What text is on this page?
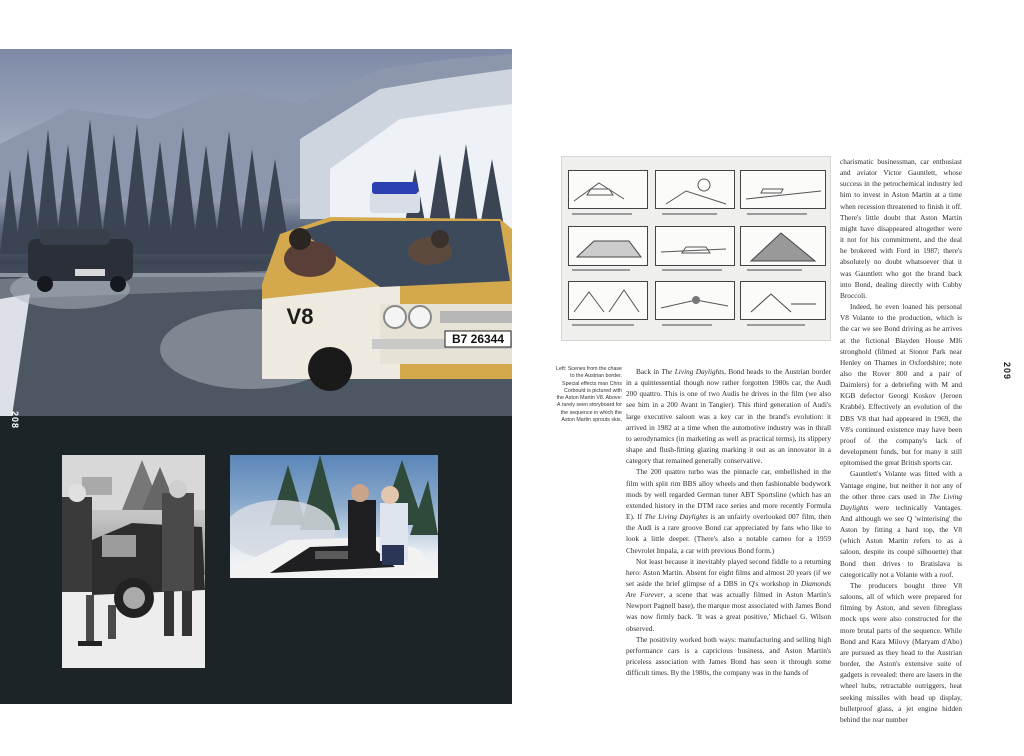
B7 26344
V8
208
Left: Scenes from the chase to the Austrian border. Special effects man Chris Corbould is pictured with the Aston Martin V8. Above: A rarely seen storyboard for the sequence in which the Aston Martin sprouts skis.

Back in The Living Daylights, Bond heads to the Austrian border in a quintessential though now rather forgotten 1980s car, the Audi 200 quattro. This is one of two Audis he drives in the film (we also see him in a 200 Avant in Tangier). This third generation of Audi's large executive saloon was a key car in the brand's evolution: it arrived in 1982 at a time when the automotive industry was in thrall to aerodynamics (in marketing as well as practical terms), its slippery shape and flush-fitting glazing marking it out as an innovator in a category that remained generally conservative.

The 200 quattro turbo was the pinnacle car, embellished in the film with split rim BBS alloy wheels and then fashionable bodywork mods by well regarded German tuner ABT Sportsline (which has an extended history in the DTM race series and more recently Formula E). If The Living Daylights is an unfairly overlooked 007 film, then the Audi is a rare groove Bond car appreciated by fans who like to look a little deeper. (There's also a notable cameo for a 1959 Chevrolet Impala, a car with previous Bond form.)

Not least because it inevitably played second fiddle to a returning hero: Aston Martin. Absent for eight films and almost 20 years (if we set aside the brief glimpse of a DBS in Q's workshop in Diamonds Are Forever, a scene that was actually filmed in Aston Martin's Newport Pagnell base), the marque most associated with James Bond was now firmly back. 'It was a great positive,' Michael G. Wilson observed.

The positivity worked both ways: manufacturing and selling high performance cars is a capricious business, and Aston Martin's priceless association with James Bond has seen it through some difficult times. By the 1980s, the company was in the hands of

charismatic businessman, car enthusiast and aviator Victor Gauntlett, whose success in the petrochemical industry led him to invest in Aston Martin at a time when recession threatened to finish it off. There's little doubt that Aston Martin might have disappeared altogether were it not for his commitment, and the deal he brokered with Ford in 1987; there's absolutely no doubt whatsoever that it was Gauntlett who got the brand back into Bond, dealing directly with Cubby Broccoli.

Indeed, he even loaned his personal V8 Volante to the production, which is the car we see Bond driving as he arrives at the fictional Blayden House MI6 stronghold (filmed at Stonor Park near Henley on Thames in Oxfordshire; note also the Rover 800 and a pair of Daimlers) for a debriefing with M and KGB defector Georgi Koskov (Jeroen Krabbé). Effectively an evolution of the DBS V8 that had appeared in 1969, the V8's continued existence may have been proof of the company's lack of development funds, but for many it still epitomised the great British sports car.

Gauntlett's Volante was fitted with a Vantage engine, but neither it nor any of the other three cars used in The Living Daylights were technically Vantages. And although we see Q 'winterising' the Aston by fitting a hard top, the V8 (which Aston Martin refers to as a saloon, despite its coupé silhouette) that Bond then drives to Bratislava is categorically not a Volante with a roof.

The producers bought three V8 saloons, all of which were prepared for filming by Aston, and seven fibreglass mock ups were also constructed for the more brutal parts of the sequence. While Bond and Kara Milovy (Maryam d'Abo) are pursued as they head to the Austrian border, the Aston's extensive suite of gadgets is revealed: there are lasers in the wheel hubs, retractable outriggers, heat seeking missiles with head up display, bulletproof glass, a jet engine hidden behind the rear number

209
